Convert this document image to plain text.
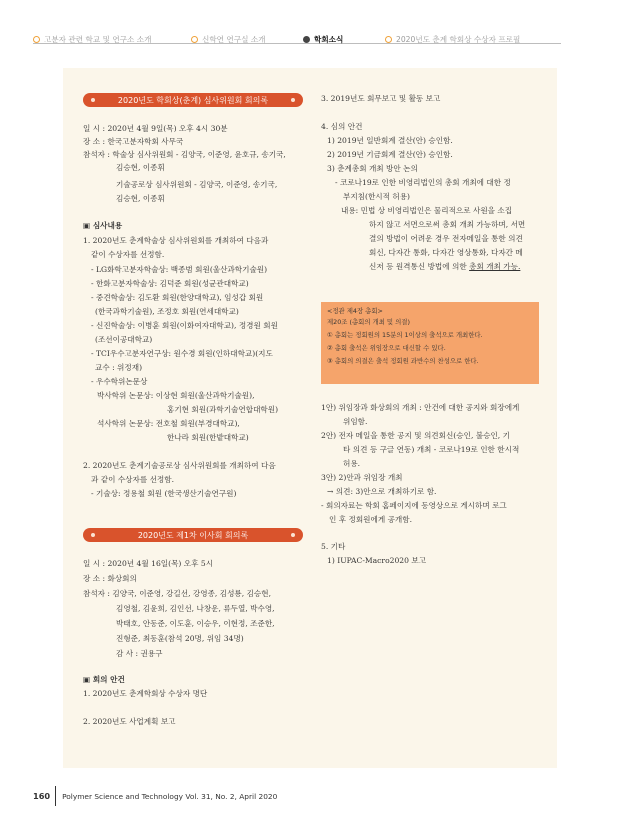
고분자 관련 학교 및 연구소 소개	신학연 연구실 소개	학회소식	2020년도 춘계 학회상 수상자 프로필
2020년도 학회상(춘계) 심사위원회 회의록
일 시 : 2020년 4월 9일(목) 오후 4시 30분
장 소 : 한국고분자학회 사무국
참석자 : 학술상 심사위원회 - 김양국, 이준영, 윤호규, 송기국,
김승현, 이종휘
기술공로상 심사위원회 - 김양국, 이준영, 송기국,
김승현, 이종휘
▣ 심사내용
1. 2020년도 춘계학술상 심사위원회를 개최하여 다음과
같이 수상자를 선정함.
- LG화학고분자학술상: 백종범 회원(울산과학기술원)
- 한화고분자학술상: 김덕준 회원(성균관대학교)
- 중견학술상: 김도환 회원(한양대학교), 임성갑 회원
(한국과학기술원), 조정호 회원(연세대학교)
- 신진학술상: 이병훈 회원(이화여자대학교), 정경원 회원
(조선이공대학교)
- TCI우수고분자연구상: 원수경 회원(인하대학교)(지도
교수 : 위정재)
- 우수학위논문상
박사학위 논문상: 이상현 회원(울산과학기술원),
홍기현 회원(과학기술연합대학원)
석사학위 논문상: 전호철 회원(부경대학교),
한나라 회원(한밭대학교)
2. 2020년도 춘계기술공로상 심사위원회를 개최하여 다음
과 같이 수상자를 선정함.
- 기술상: 정용철 회원 (한국생산기술연구원)
2020년도 제1차 이사회 회의록
일 시 : 2020년 4월 16일(목) 오후 5시
장 소 : 화상회의
참석자 : 김양국, 이준영, 강길선, 강영종, 김성룡, 김승현,
김영철, 김윤희, 김인선, 나창운, 류두열, 박수영,
박태호, 안동준, 이도훈, 이승우, 이현정, 조준한,
진형준, 최동훈(참석 20명, 위임 34명)
감 사 : 권용구
▣ 회의 안건
1. 2020년도 춘계학회상 수상자 명단
2. 2020년도 사업계획 보고
3. 2019년도 회무보고 및 활동 보고
4. 심의 안건
1) 2019년 일반회계 결산(안) 승인함.
2) 2019년 기금회계 결산(안) 승인함.
3) 춘계총회 개최 방안 논의
- 코로나19로 인한 비영리법인의 총회 개최에 대한 정
부지침(한시적 허용)
내용: 민법 상 비영리법인은 물리적으로 사원을 소집
하지 않고 서면으로써 총회 개최 가능하며, 서면
결의 방법이 어려운 경우 전자메일을 통한 의견
회신, 다자간 통화, 다자간 영상통화, 다자간 메
신저 등 원격통신 방법에 의한 총회 개최 가능.
<정관 제4장 총회>
제20조 (총회의 개최 및 의결)
① 총회는 정회원의 15분의 1이상의 출석으로 개최한다.
② 총회 출석은 위임장으로 대신할 수 있다.
③ 총회의 의결은 출석 정회원 과반수의 찬성으로 한다.
1안) 위임장과 화상회의 개최 : 안건에 대한 공지와 회장에게
위임함.
2안) 전자 메일을 통한 공지 및 의견회신(승인, 불승인, 기
타 의견 등 구글 연동) 개최 - 코로나19로 인한 한시적
허용.
3안) 2)안과 위임장 개최
→ 의견: 3)안으로 개최하기로 함.
- 회의자료는 학회 홈페이지에 동영상으로 게시하며 로그
인 후 정회원에게 공개함.
5. 기타
1) IUPAC-Macro2020 보고
160 Polymer Science and Technology Vol. 31, No. 2, April 2020
